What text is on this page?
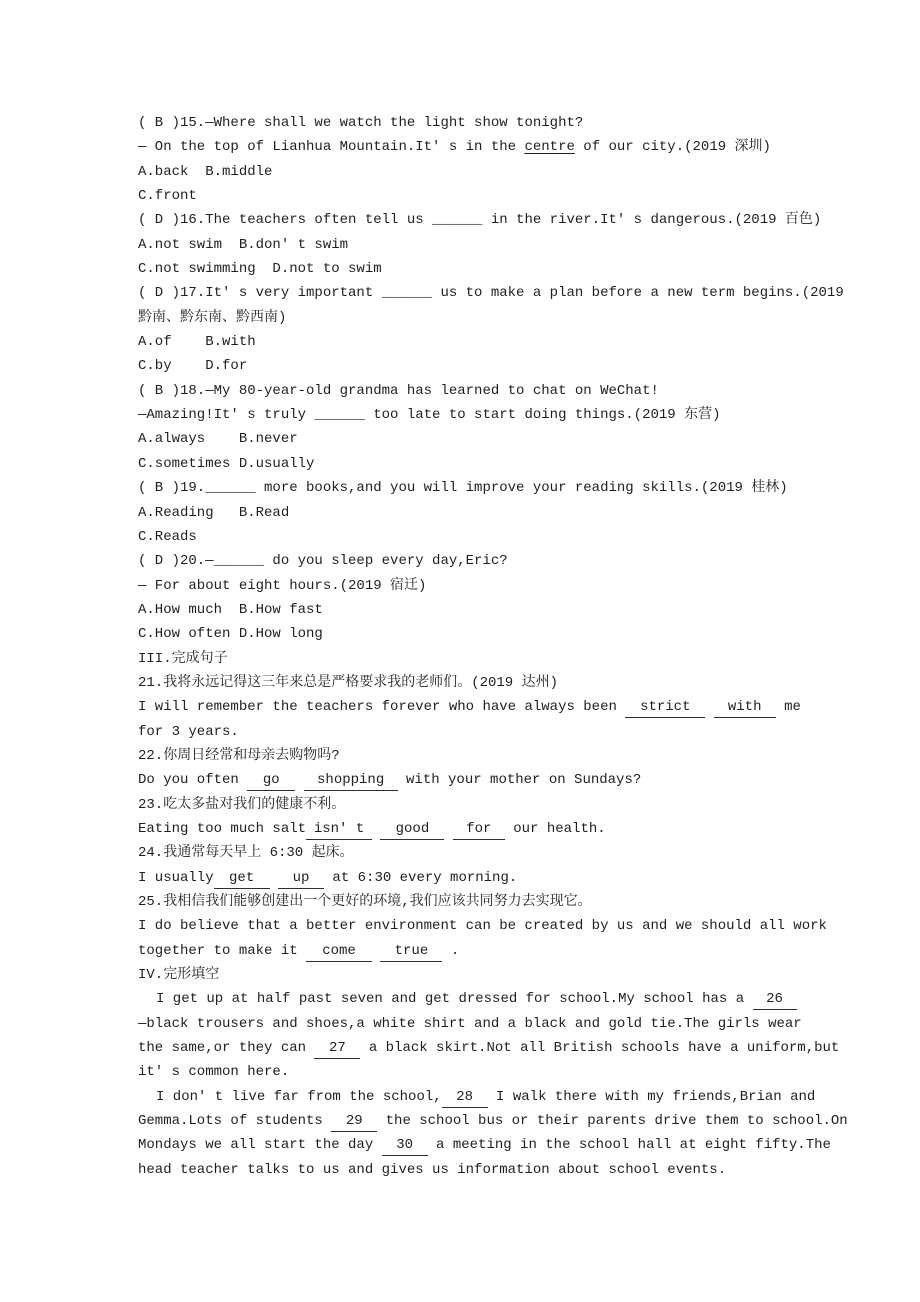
( B )15.—Where shall we watch the light show tonight?
— On the top of Lianhua Mountain.It' s in the centre of our city.(2019 深圳)
A.back  B.middle
C.front
( D )16.The teachers often tell us ______ in the river.It' s dangerous.(2019 百色)
A.not swim  B.don' t swim
C.not swimming  D.not to swim
( D )17.It' s very important ______ us to make a plan before a new term begins.(2019
黔南、黔东南、黔西南)
A.of    B.with
C.by    D.for
( B )18.—My 80-year-old grandma has learned to chat on WeChat!
—Amazing!It' s truly ______ too late to start doing things.(2019 东营)
A.always    B.never
C.sometimes D.usually
( B )19.______ more books,and you will improve your reading skills.(2019 桂林)
A.Reading   B.Read
C.Reads
( D )20.—______ do you sleep every day,Eric?
— For about eight hours.(2019 宿迁)
A.How much  B.How fast
C.How often D.How long
III.完成句子
21.我将永远记得这三年来总是严格要求我的老师们。(2019 达州)
I will remember the teachers forever who have always been strict	with me
for 3 years.
22.你周日经常和母亲去购物吗?
Do you often go	shopping with your mother on Sundays?
23.吃太多盐对我们的健康不利。
Eating too much salt isn' t good	for our health.
24.我通常每天早上 6:30 起床。
I usually get	up at 6:30 every morning.
25.我相信我们能够创建出一个更好的环境,我们应该共同努力去实现它。
I do believe that a better environment can be created by us and we should all work
together to make it come	true .
IV.完形填空
I get up at half past seven and get dressed for school.My school has a 26
—black trousers and shoes,a white shirt and a black and gold tie.The girls wear
the same,or they can 27 a black skirt.Not all British schools have a uniform,but
it' s common here.
I don' t live far from the school, 28 I walk there with my friends,Brian and
Gemma.Lots of students 29 the school bus or their parents drive them to school.On
Mondays we all start the day 30 a meeting in the school hall at eight fifty.The
head teacher talks to us and gives us information about school events.
